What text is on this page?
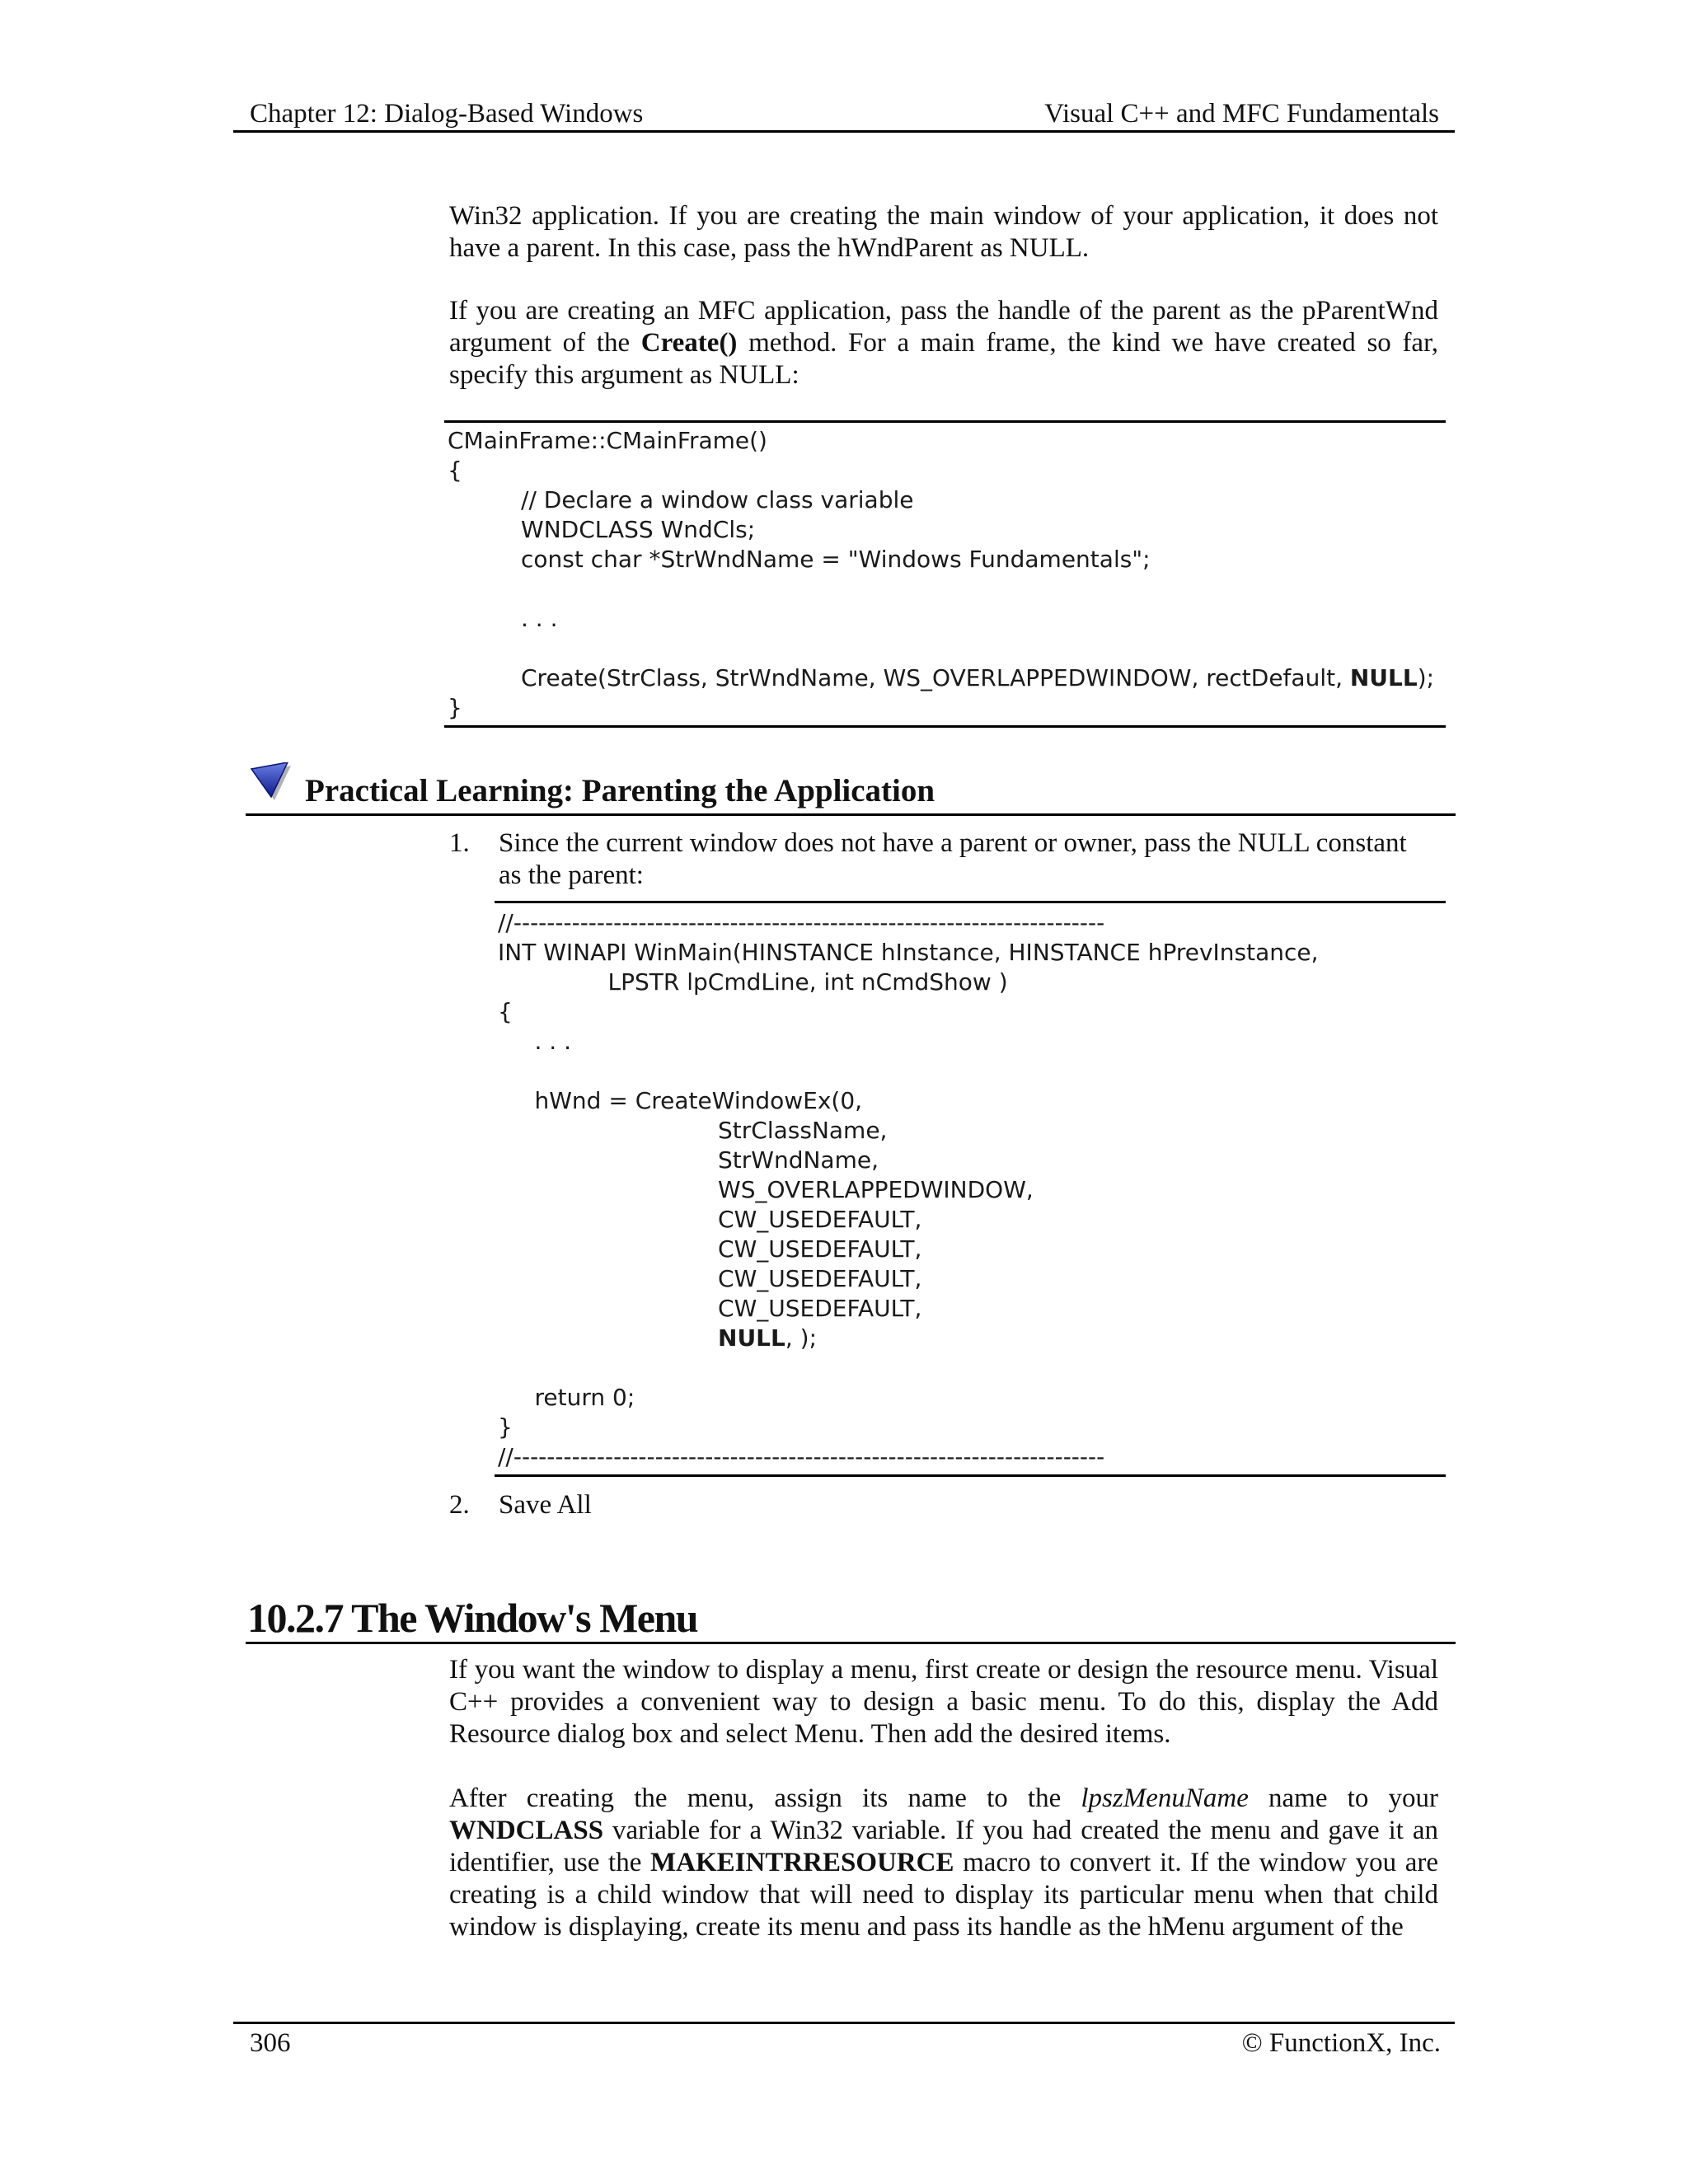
Chapter 12: Dialog-Based Windows	Visual C++ and MFC Fundamentals
Win32 application. If you are creating the main window of your application, it does not have a parent. In this case, pass the hWndParent as NULL.
If you are creating an MFC application, pass the handle of the parent as the pParentWnd argument of the Create() method. For a main frame, the kind we have created so far, specify this argument as NULL:
CMainFrame::CMainFrame()
{
// Declare a window class variable
WNDCLASS WndCls;
const char *StrWndName = "Windows Fundamentals";

. . .

Create(StrClass, StrWndName, WS_OVERLAPPEDWINDOW, rectDefault, NULL);
}
Practical Learning: Parenting the Application
1. Since the current window does not have a parent or owner, pass the NULL constant as the parent:
//-----------------------------------------------------------------------
INT WINAPI WinMain(HINSTANCE hInstance, HINSTANCE hPrevInstance,
LPSTR lpCmdLine, int nCmdShow )
{
. . .

hWnd = CreateWindowEx(0,
StrClassName,
StrWndName,
WS_OVERLAPPEDWINDOW,
CW_USEDEFAULT,
CW_USEDEFAULT,
CW_USEDEFAULT,
CW_USEDEFAULT,
NULL, );

return 0;
}
//-----------------------------------------------------------------------
2. Save All
10.2.7 The Window's Menu
If you want the window to display a menu, first create or design the resource menu. Visual C++ provides a convenient way to design a basic menu. To do this, display the Add Resource dialog box and select Menu. Then add the desired items.
After creating the menu, assign its name to the lpszMenuName name to your WNDCLASS variable for a Win32 variable. If you had created the menu and gave it an identifier, use the MAKEINTRRESOURCE macro to convert it. If the window you are creating is a child window that will need to display its particular menu when that child window is displaying, create its menu and pass its handle as the hMenu argument of the
306	© FunctionX, Inc.
